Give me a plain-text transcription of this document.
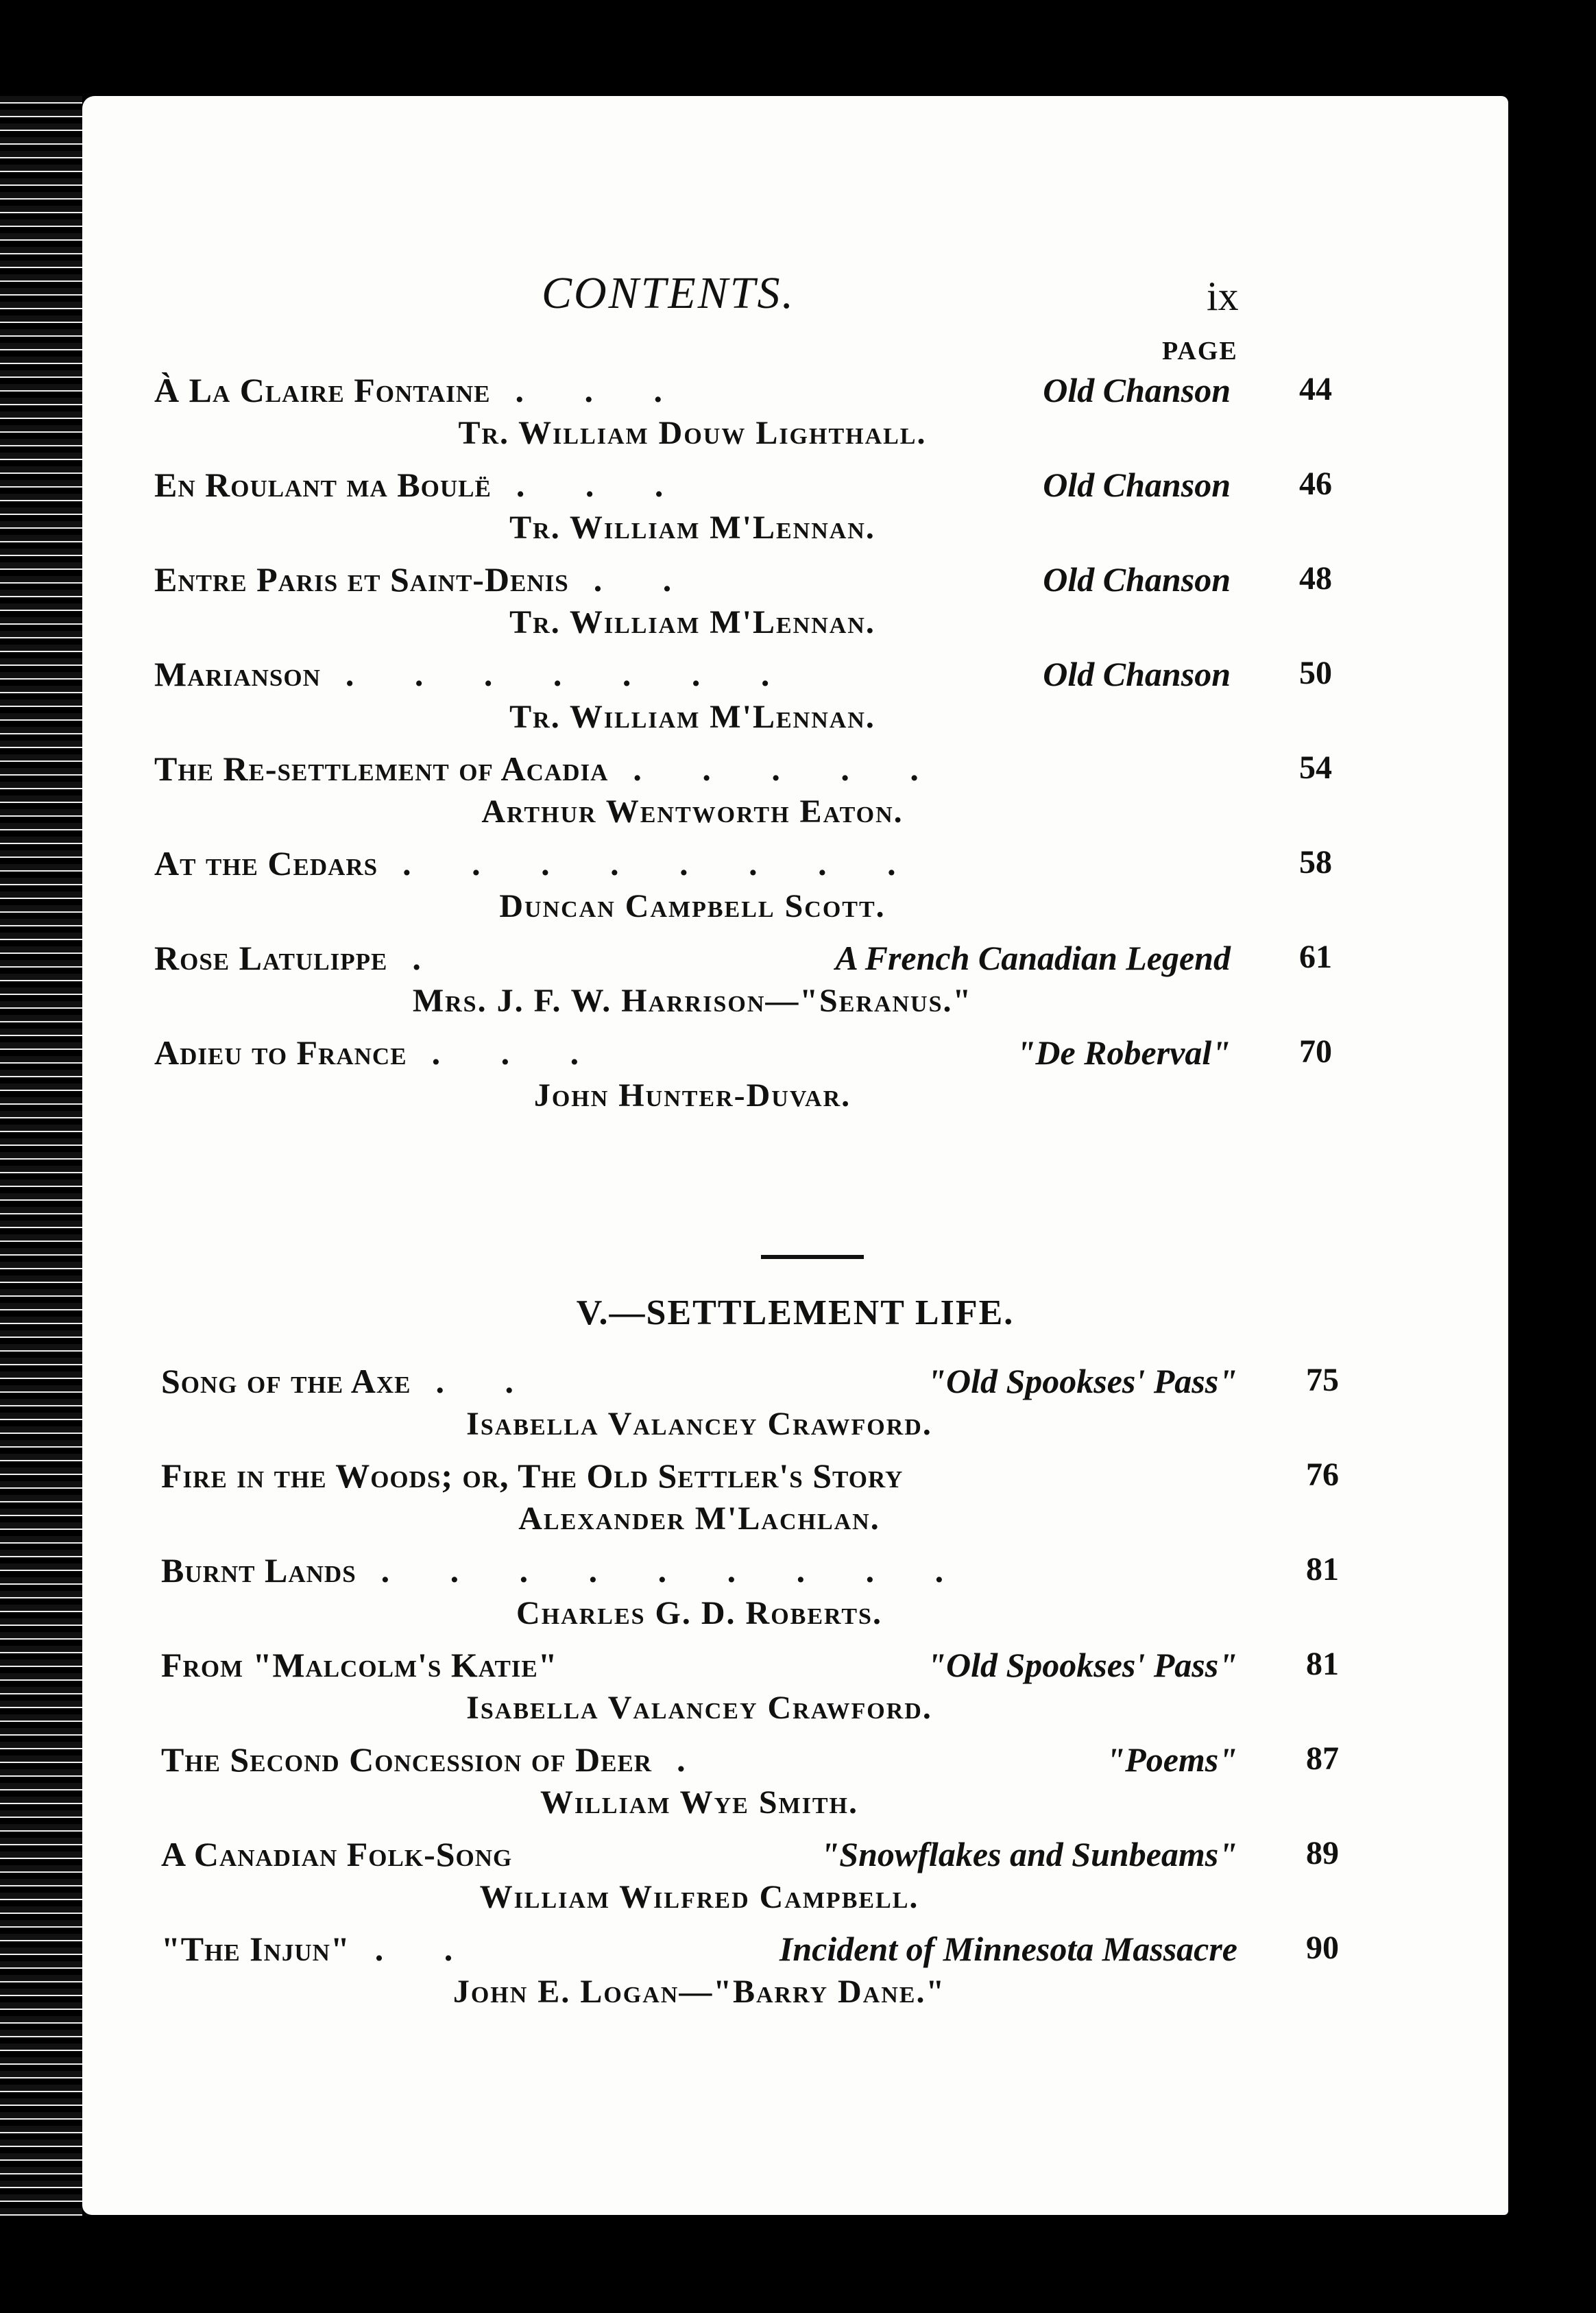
CONTENTS.	ix
PAGE
À La Claire Fontaine . . .	Old Chanson 44
Tr. William Douw Lighthall.
En Roulant ma Boulë . . .	Old Chanson 46
Tr. William M'Lennan.
Entre Paris et Saint-Denis . .	Old Chanson 48
Tr. William M'Lennan.
Marianson . . . . . . .	Old Chanson 50
Tr. William M'Lennan.
The Re-settlement of Acadia . . . . .	54
Arthur Wentworth Eaton.
At the Cedars . . . . . . . .	58
Duncan Campbell Scott.
Rose Latulippe .	A French Canadian Legend 61
Mrs. J. F. W. Harrison—"Seranus."
Adieu to France . . .	"De Roberval" 70
John Hunter-Duvar.
V.—SETTLEMENT LIFE.
Song of the Axe . .	"Old Spookses' Pass" 75
Isabella Valancey Crawford.
Fire in the Woods; or, The Old Settler's Story	76
Alexander M'Lachlan.
Burnt Lands . . . . . . . . .	81
Charles G. D. Roberts.
From "Malcolm's Katie"	"Old Spookses' Pass" 81
Isabella Valancey Crawford.
The Second Concession of Deer .	"Poems" 87
William Wye Smith.
A Canadian Folk-Song	"Snowflakes and Sunbeams" 89
William Wilfred Campbell.
"The Injun" . .	Incident of Minnesota Massacre 90
John E. Logan—"Barry Dane."
